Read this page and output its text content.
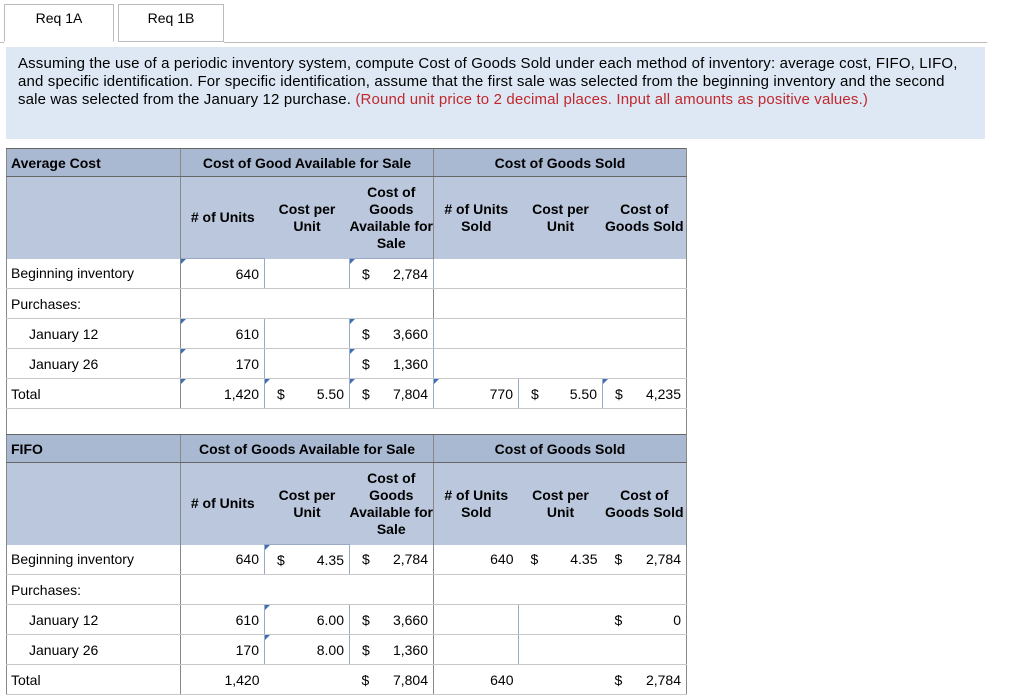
Req 1A	Req 1B
Assuming the use of a periodic inventory system, compute Cost of Goods Sold under each method of inventory: average cost, FIFO, LIFO, and specific identification. For specific identification, assume that the first sale was selected from the beginning inventory and the second sale was selected from the January 12 purchase. (Round unit price to 2 decimal places. Input all amounts as positive values.)
Average Cost	Cost of Good Available for Sale			Cost of Goods Sold			
	# of Units	Cost per Unit	Cost of Goods Available for Sale	# of Units Sold	Cost per Unit	Cost of Goods Sold	
Beginning inventory	640		$ 2,784				

Purchases:							
January 12	610		$ 3,660				

January 26	170		$ 1,360				

Total	1,420	$ 5.50	$ 7,804	770	$ 5.50	$ 4,235	

FIFO	Cost of Goods Available for Sale			Cost of Goods Sold			
	# of Units	Cost per Unit	Cost of Goods Available for Sale	# of Units Sold	Cost per Unit	Cost of Goods Sold	
Beginning inventory	640	$ 4.35	$ 2,784	640	$ 4.35	$ 2,784	

Purchases:							
January 12	610	6.00	$ 3,660			$ 0	

January 26	170	8.00	$ 1,360				

Total	1,420		$ 7,804	640		$ 2,784	
